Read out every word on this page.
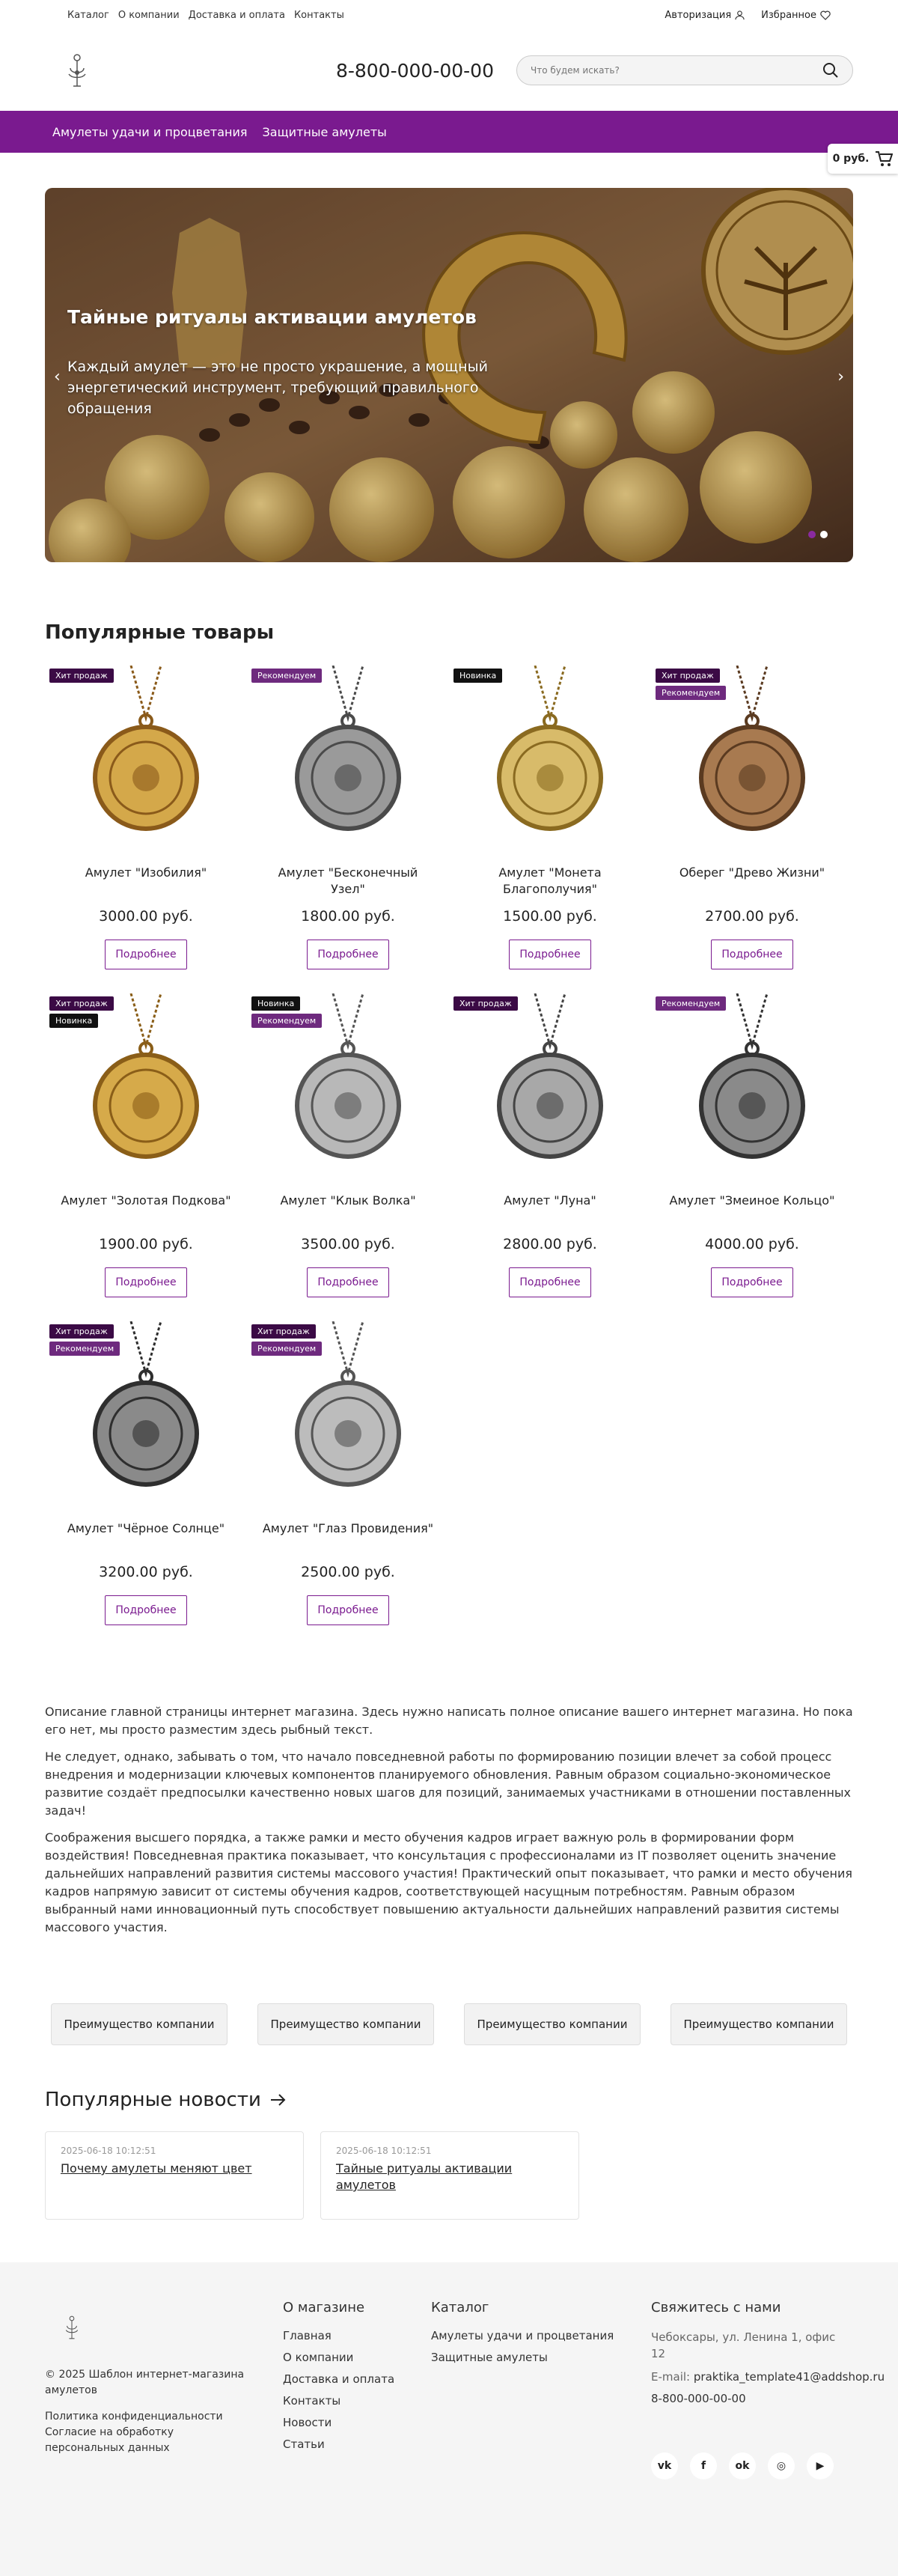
Каталог О компании Доставка и оплата Контакты	Авторизация	Избранное
8-800-000-00-00
Что будем искать?
Амулеты удачи и процветания Защитные амулеты
0 руб.
Тайные ритуалы активации амулетов
Каждый амулет — это не просто украшение, а мощный энергетический инструмент, требующий правильного обращения
‹	›
Популярные товары
Хит продаж
Амулет "Изобилия"
3000.00 руб.
Подробнее
Рекомендуем
Амулет "Бесконечный Узел"
1800.00 руб.
Подробнее
Новинка
Амулет "Монета Благополучия"
1500.00 руб.
Подробнее
Хит продаж
Рекомендуем
Оберег "Древо Жизни"
2700.00 руб.
Подробнее
Хит продаж
Новинка
Амулет "Золотая Подкова"
1900.00 руб.
Подробнее
Новинка
Рекомендуем
Амулет "Клык Волка"
3500.00 руб.
Подробнее
Хит продаж
Амулет "Луна"
2800.00 руб.
Подробнее
Рекомендуем
Амулет "Змеиное Кольцо"
4000.00 руб.
Подробнее
Хит продаж
Рекомендуем
Амулет "Чёрное Солнце"
3200.00 руб.
Подробнее
Хит продаж
Рекомендуем
Амулет "Глаз Провидения"
2500.00 руб.
Подробнее

Описание главной страницы интернет магазина. Здесь нужно написать полное описание вашего интернет магазина. Но пока его нет, мы просто разместим здесь рыбный текст.

Не следует, однако, забывать о том, что начало повседневной работы по формированию позиции влечет за собой процесс внедрения и модернизации ключевых компонентов планируемого обновления. Равным образом социально-экономическое развитие создаёт предпосылки качественно новых шагов для позиций, занимаемых участниками в отношении поставленных задач!

Соображения высшего порядка, а также рамки и место обучения кадров играет важную роль в формировании форм воздействия! Повседневная практика показывает, что консультация с профессионалами из IT позволяет оценить значение дальнейших направлений развития системы массового участия! Практический опыт показывает, что рамки и место обучения кадров напрямую зависит от системы обучения кадров, соответствующей насущным потребностям. Равным образом выбранный нами инновационный путь способствует повышению актуальности дальнейших направлений развития системы массового участия.

Преимущество компании	Преимущество компании	Преимущество компании	Преимущество компании
Популярные новости
2025-06-18 10:12:51
Почему амулеты меняют цвет
2025-06-18 10:12:51
Тайные ритуалы активации амулетов
© 2025 Шаблон интернет-магазина амулетов
Политика конфиденциальности
Согласие на обработку персональных данных
О магазине
Главная
О компании
Доставка и оплата
Контакты
Новости
Статьи
Каталог
Амулеты удачи и процветания
Защитные амулеты
Свяжитесь с нами
Чебоксары, ул. Ленина 1, офис 12
E-mail: praktika_template41@addshop.ru
8-800-000-00-00
vk	f	ok	◎	▶
